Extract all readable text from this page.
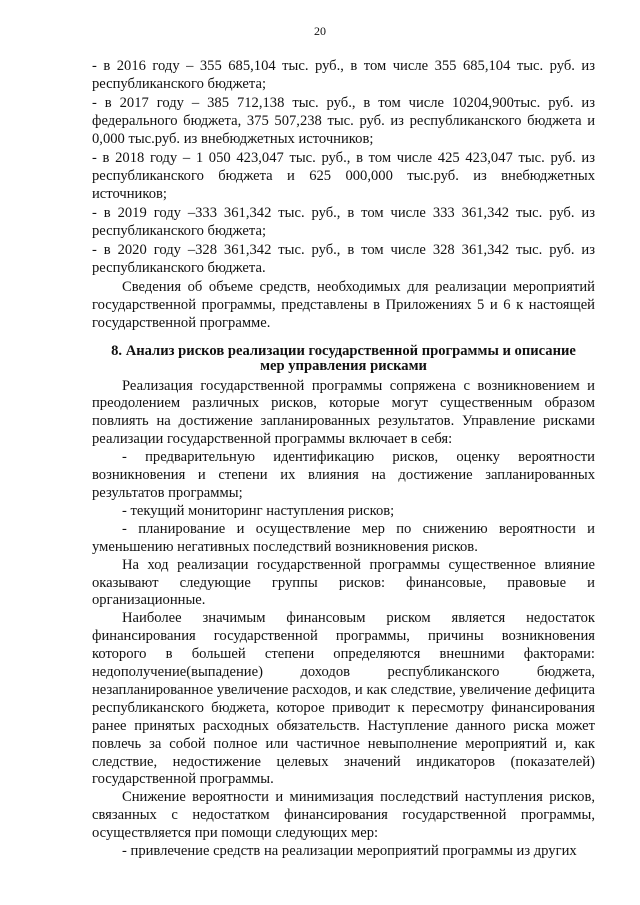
20

- в 2016 году – 355 685,104 тыс. руб., в том числе 355 685,104 тыс. руб. из республиканского бюджета;

- в 2017 году – 385 712,138 тыс. руб., в том числе 10204,900тыс. руб. из федерального бюджета, 375 507,238 тыс. руб. из республиканского бюджета и 0,000 тыс.руб. из внебюджетных источников;

- в 2018 году – 1 050 423,047 тыс. руб., в том числе 425 423,047 тыс. руб. из республиканского бюджета и 625 000,000 тыс.руб. из внебюджетных источников;

- в 2019 году –333 361,342 тыс. руб., в том числе 333 361,342 тыс. руб. из республиканского бюджета;

- в 2020 году –328 361,342 тыс. руб., в том числе 328 361,342 тыс. руб. из республиканского бюджета.

Сведения об объеме средств, необходимых для реализации мероприятий государственной программы, представлены в Приложениях 5 и 6 к настоящей государственной программе.

8. Анализ рисков реализации государственной программы и описание

мер управления рисками

Реализация государственной программы сопряжена с возникновением и преодолением различных рисков, которые могут существенным образом повлиять на достижение запланированных результатов. Управление рисками реализации государственной программы включает в себя:

- предварительную идентификацию рисков, оценку вероятности возникновения и степени их влияния на достижение запланированных результатов программы;

- текущий мониторинг наступления рисков;

- планирование и осуществление мер по снижению вероятности и уменьшению негативных последствий возникновения рисков.

На ход реализации государственной программы существенное влияние оказывают следующие группы рисков: финансовые, правовые и организационные.

Наиболее значимым финансовым риском является недостаток финансирования государственной программы, причины возникновения которого в большей степени определяются внешними факторами: недополучение(выпадение) доходов республиканского бюджета, незапланированное увеличение расходов, и как следствие, увеличение дефицита республиканского бюджета, которое приводит к пересмотру финансирования ранее принятых расходных обязательств. Наступление данного риска может повлечь за собой полное или частичное невыполнение мероприятий и, как следствие, недостижение целевых значений индикаторов (показателей) государственной программы.

Снижение вероятности и минимизация последствий наступления рисков, связанных с недостатком финансирования государственной программы, осуществляется при помощи следующих мер:

- привлечение средств на реализации мероприятий программы из других
